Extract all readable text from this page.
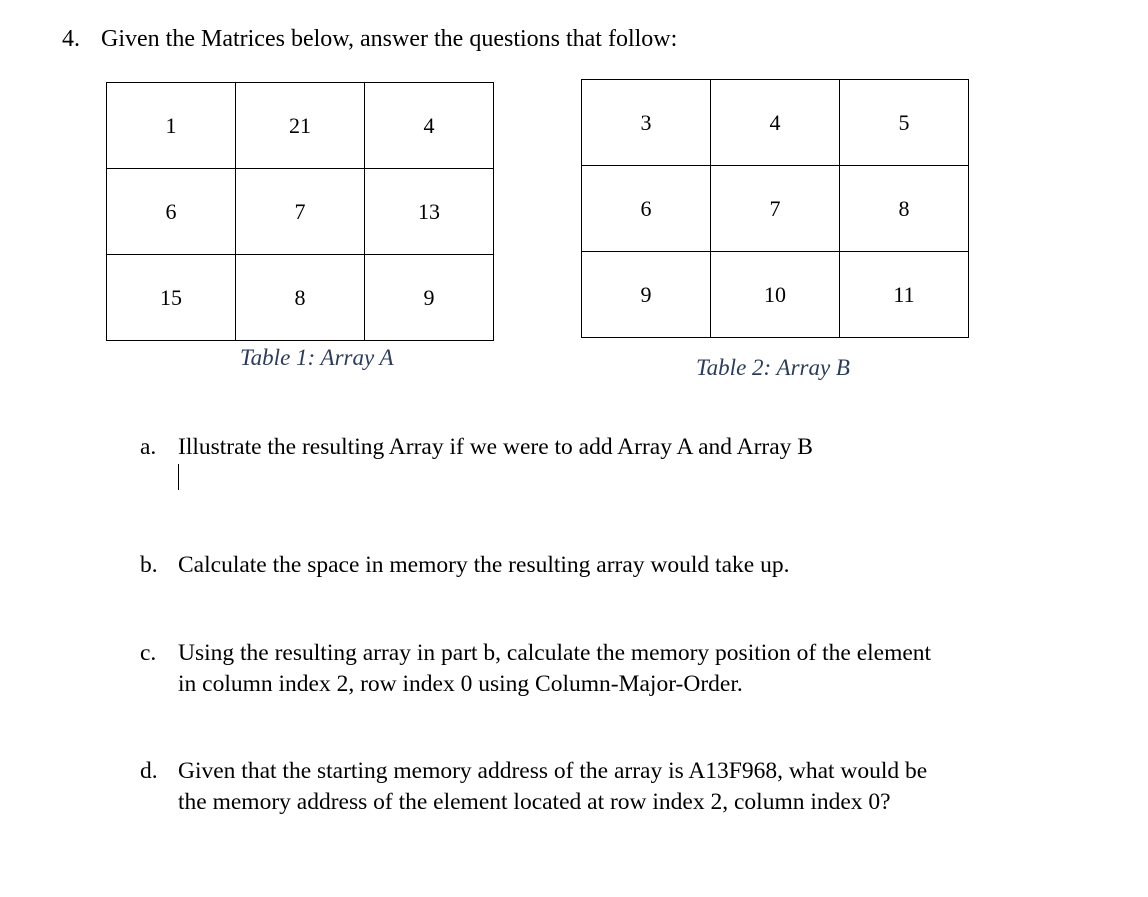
4. Given the Matrices below, answer the questions that follow:
1	21	4
6	7	13
15	8	9
3	4	5
6	7	8
9	10	11
Table 1: Array A	Table 2: Array B
a. Illustrate the resulting Array if we were to add Array A and Array B
b. Calculate the space in memory the resulting array would take up.
c. Using the resulting array in part b, calculate the memory position of the element
in column index 2, row index 0 using Column-Major-Order.
d. Given that the starting memory address of the array is A13F968, what would be
the memory address of the element located at row index 2, column index 0?
